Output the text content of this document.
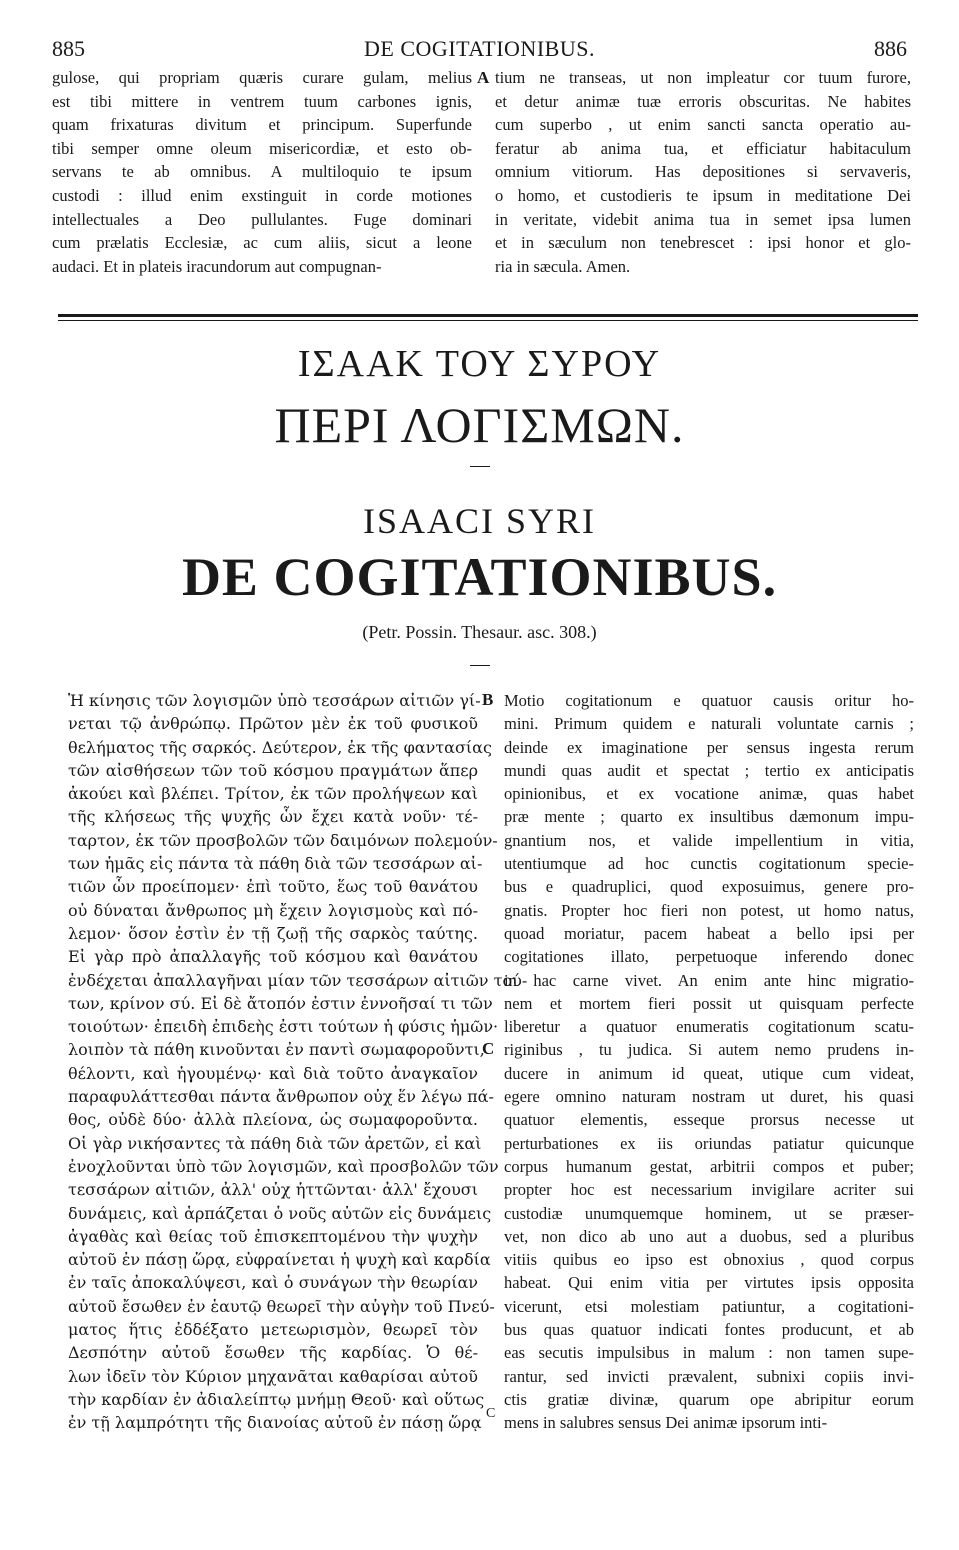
885	DE COGITATIONIBUS.	886
gulose, qui propriam quæris curare gulam, melius
est tibi mittere in ventrem tuum carbones ignis,
quam frixaturas divitum et principum. Superfunde
tibi semper omne oleum misericordiæ, et esto ob-
servans te ab omnibus. A multiloquio te ipsum
custodi : illud enim exstinguit in corde motiones
intellectuales a Deo pullulantes. Fuge dominari
cum prælatis Ecclesiæ, ac cum aliis, sicut a leone
audaci. Et in plateis iracundorum aut compugnan-
A tium ne transeas, ut non impleatur cor tuum furore,
et detur animæ tuæ erroris obscuritas. Ne habites
cum superbo , ut enim sancti sancta operatio au-
feratur ab anima tua, et efficiatur habitaculum
omnium vitiorum. Has depositiones si servaveris,
o homo, et custodieris te ipsum in meditatione Dei
in veritate, videbit anima tua in semet ipsa lumen
et in sæculum non tenebrescet : ipsi honor et glo-
ria in sæcula. Amen.
ΙΣΑΑΚ ΤΟΥ ΣΥΡΟΥ
ΠΕΡΙ ΛΟΓΙΣΜΩΝ.
ISAACI SYRI
DE COGITATIONIBUS.
(Petr. Possin. Thesaur. asc. 308.)
Ἡ κίνησις τῶν λογισμῶν ὑπὸ τεσσάρων αἰτιῶν γί-
νεται τῷ ἀνθρώπῳ. Πρῶτον μὲν ἐκ τοῦ φυσικοῦ
θελήματος τῆς σαρκός. Δεύτερον, ἐκ τῆς φαντασίας
τῶν αἰσθήσεων τῶν τοῦ κόσμου πραγμάτων ἅπερ
ἀκούει καὶ βλέπει. Τρίτον, ἐκ τῶν προλήψεων καὶ
τῆς κλήσεως τῆς ψυχῆς ὧν ἔχει κατὰ νοῦν· τέ-
ταρτον, ἐκ τῶν προσβολῶν τῶν δαιμόνων πολεμούν-
των ἡμᾶς εἰς πάντα τὰ πάθη διὰ τῶν τεσσάρων αἰ-
τιῶν ὧν προείπομεν· ἐπὶ τοῦτο, ἕως τοῦ θανάτου
οὐ δύναται ἄνθρωπος μὴ ἔχειν λογισμοὺς καὶ πό-
λεμον· ὅσον ἐστὶν ἐν τῇ ζωῇ τῆς σαρκὸς ταύτης.
Εἰ γὰρ πρὸ ἀπαλλαγῆς τοῦ κόσμου καὶ θανάτου
ἐνδέχεται ἀπαλλαγῆναι μίαν τῶν τεσσάρων αἰτιῶν τού-
των, κρίνον σύ. Εἰ δὲ ἄτοπόν ἐστιν ἐννοῆσαί τι τῶν
τοιούτων· ἐπειδὴ ἐπιδεὴς ἐστι τούτων ἡ φύσις ἡμῶν·
λοιπὸν τὰ πάθη κινοῦνται ἐν παντὶ σωμαφοροῦντι,
θέλοντι, καὶ ἡγουμένῳ· καὶ διὰ τοῦτο ἀναγκαῖον
παραφυλάττεσθαι πάντα ἄνθρωπον οὐχ ἕν λέγω πά-
θος, οὐδὲ δύο· ἀλλὰ πλείονα, ὡς σωμαφοροῦντα.
Οἱ γὰρ νικήσαντες τὰ πάθη διὰ τῶν ἀρετῶν, εἰ καὶ
ἐνοχλοῦνται ὑπὸ τῶν λογισμῶν, καὶ προσβολῶν τῶν
τεσσάρων αἰτιῶν, ἀλλ' οὐχ ἡττῶνται· ἀλλ' ἔχουσι
δυνάμεις, καὶ ἁρπάζεται ὁ νοῦς αὐτῶν εἰς δυνάμεις
ἀγαθὰς καὶ θείας τοῦ ἐπισκεπτομένου τὴν ψυχὴν
αὐτοῦ ἐν πάσῃ ὥρᾳ, εὐφραίνεται ἡ ψυχὴ καὶ καρδία
ἐν ταῖς ἀποκαλύψεσι, καὶ ὁ συνάγων τὴν θεωρίαν
αὐτοῦ ἔσωθεν ἐν ἑαυτῷ θεωρεῖ τὴν αὐγὴν τοῦ Πνεύ-
ματος ἥτις ἐδδέξατο μετεωρισμὸν, θεωρεῖ τὸν
Δεσπότην αὐτοῦ ἔσωθεν τῆς καρδίας. Ὁ θέ-
λων ἰδεῖν τὸν Κύριον μηχανᾶται καθαρίσαι αὐτοῦ
τὴν καρδίαν ἐν ἀδιαλείπτῳ μνήμῃ Θεοῦ· καὶ οὕτως
ἐν τῇ λαμπρότητι τῆς διανοίας αὐτοῦ ἐν πάσῃ ὥρᾳ
B
C
C
Motio cogitationum e quatuor causis oritur ho-
mini. Primum quidem e naturali voluntate carnis ;
deinde ex imaginatione per sensus ingesta rerum
mundi quas audit et spectat ; tertio ex anticipatis
opinionibus, et ex vocatione animæ, quas habet
præ mente ; quarto ex insultibus dæmonum impu-
gnantium nos, et valide impellentium in vitia,
utentiumque ad hoc cunctis cogitationum specie-
bus e quadruplici, quod exposuimus, genere pro-
gnatis. Propter hoc fieri non potest, ut homo natus,
quoad moriatur, pacem habeat a bello ipsi per
cogitationes illato, perpetuoque inferendo donec
in hac carne vivet. An enim ante hinc migratio-
nem et mortem fieri possit ut quisquam perfecte
liberetur a quatuor enumeratis cogitationum scatu-
riginibus , tu judica. Si autem nemo prudens in-
ducere in animum id queat, utique cum videat,
egere omnino naturam nostram ut duret, his quasi
quatuor elementis, esseque prorsus necesse ut
perturbationes ex iis oriundas patiatur quicunque
corpus humanum gestat, arbitrii compos et puber;
propter hoc est necessarium invigilare acriter sui
custodiæ unumquemque hominem, ut se præser-
vet, non dico ab uno aut a duobus, sed a pluribus
vitiis quibus eo ipso est obnoxius , quod corpus
habeat. Qui enim vitia per virtutes ipsis opposita
vicerunt, etsi molestiam patiuntur, a cogitationi-
bus quas quatuor indicati fontes producunt, et ab
eas secutis impulsibus in malum : non tamen supe-
rantur, sed invicti prævalent, subnixi copiis invi-
ctis gratiæ divinæ, quarum ope abripitur eorum
mens in salubres sensus Dei animæ ipsorum inti-
